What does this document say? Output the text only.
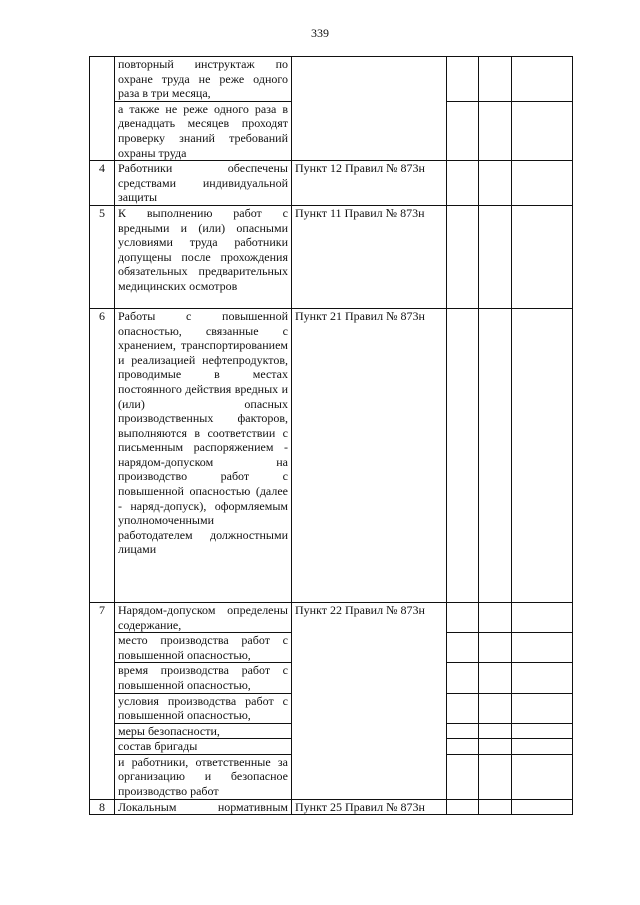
339
	повторный инструктаж по охране труда не реже одного раза в три месяца,				
	а также не реже одного раза в двенадцать месяцев проходят проверку знаний требований охраны труда				
4	Работники обеспечены средствами индивидуальной защиты	Пункт 12 Правил № 873н			
5	К выполнению работ с вредными и (или) опасными условиями труда работники допущены после прохождения обязательных предварительных медицинских осмотров	Пункт 11 Правил № 873н			
6	Работы с повышенной опасностью, связанные с хранением, транспортированием и реализацией нефтепродуктов, проводимые в местах постоянного действия вредных и (или) опасных производственных факторов, выполняются в соответствии с письменным распоряжением - нарядом-допуском на производство работ с повышенной опасностью (далее - наряд-допуск), оформляемым уполномоченными работодателем должностными лицами	Пункт 21 Правил № 873н			
7	Нарядом-допуском определены содержание,	Пункт 22 Правил № 873н			
	место производства работ с повышенной опасностью,				
	время производства работ с повышенной опасностью,				
	условия производства работ с повышенной опасностью,				
	меры безопасности,				
	состав бригады				
	и работники, ответственные за организацию и безопасное производство работ				
8	Локальным нормативным	Пункт 25 Правил № 873н			
